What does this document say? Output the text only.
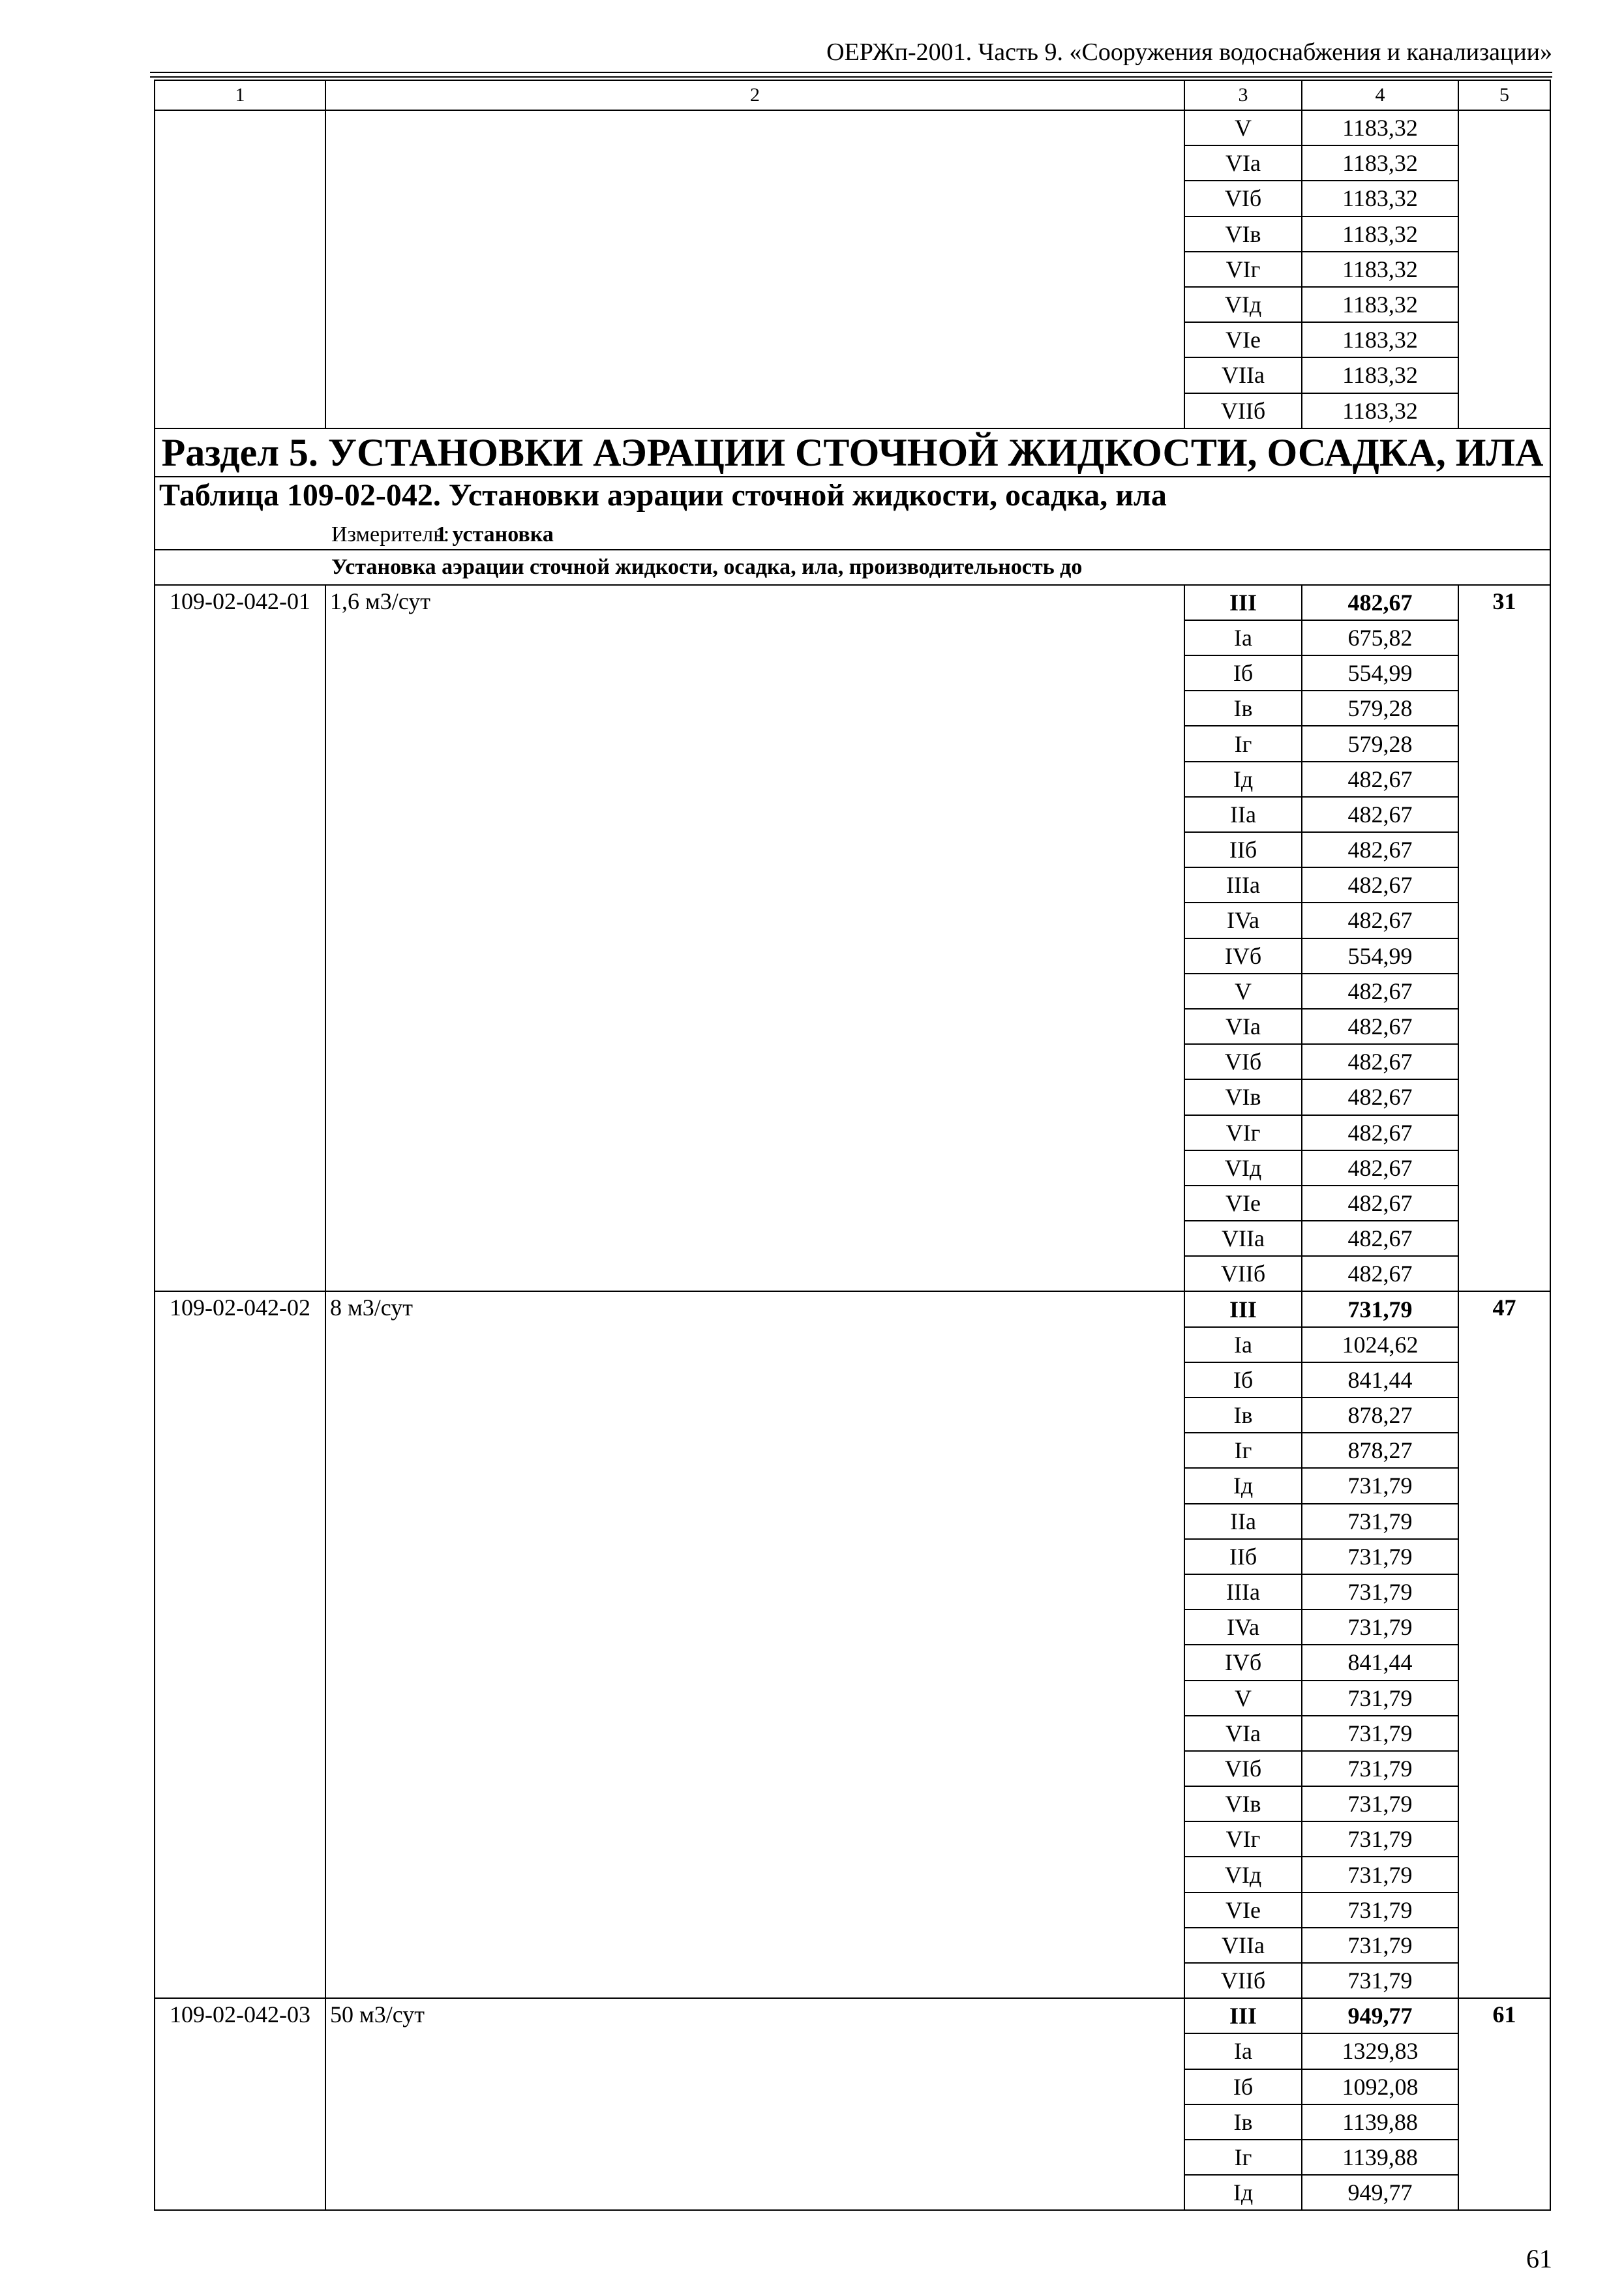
ОЕРЖп-2001. Часть 9. «Сооружения водоснабжения и канализации»
1	2	3	4	5
		V	1183,32	
		VIa	1183,32	
		VIб	1183,32	
		VIв	1183,32	
		VIг	1183,32	
		VIд	1183,32	
		VIe	1183,32	
		VIIa	1183,32	
		VIIб	1183,32	
Раздел 5. УСТАНОВКИ АЭРАЦИИ СТОЧНОЙ ЖИДКОСТИ, ОСАДКА, ИЛА				
Таблица 109-02-042. Установки аэрации сточной жидкости, осадка, ила				
Измеритель:1 установка				
Установка аэрации сточной жидкости, осадка, ила, производительность до				
109-02-042-01	1,6 м3/сут	III	482,67	31
		Ia	675,82	
		Iб	554,99	
		Iв	579,28	
		Iг	579,28	
		Iд	482,67	
		IIa	482,67	
		IIб	482,67	
		IIIa	482,67	
		IVa	482,67	
		IVб	554,99	
		V	482,67	
		VIa	482,67	
		VIб	482,67	
		VIв	482,67	
		VIг	482,67	
		VIд	482,67	
		VIe	482,67	
		VIIa	482,67	
		VIIб	482,67	
109-02-042-02	8 м3/сут	III	731,79	47
		Ia	1024,62	
		Iб	841,44	
		Iв	878,27	
		Iг	878,27	
		Iд	731,79	
		IIa	731,79	
		IIб	731,79	
		IIIa	731,79	
		IVa	731,79	
		IVб	841,44	
		V	731,79	
		VIa	731,79	
		VIб	731,79	
		VIв	731,79	
		VIг	731,79	
		VIд	731,79	
		VIe	731,79	
		VIIa	731,79	
		VIIб	731,79	
109-02-042-03	50 м3/сут	III	949,77	61
		Ia	1329,83	
		Iб	1092,08	
		Iв	1139,88	
		Iг	1139,88	
		Iд	949,77	
61
